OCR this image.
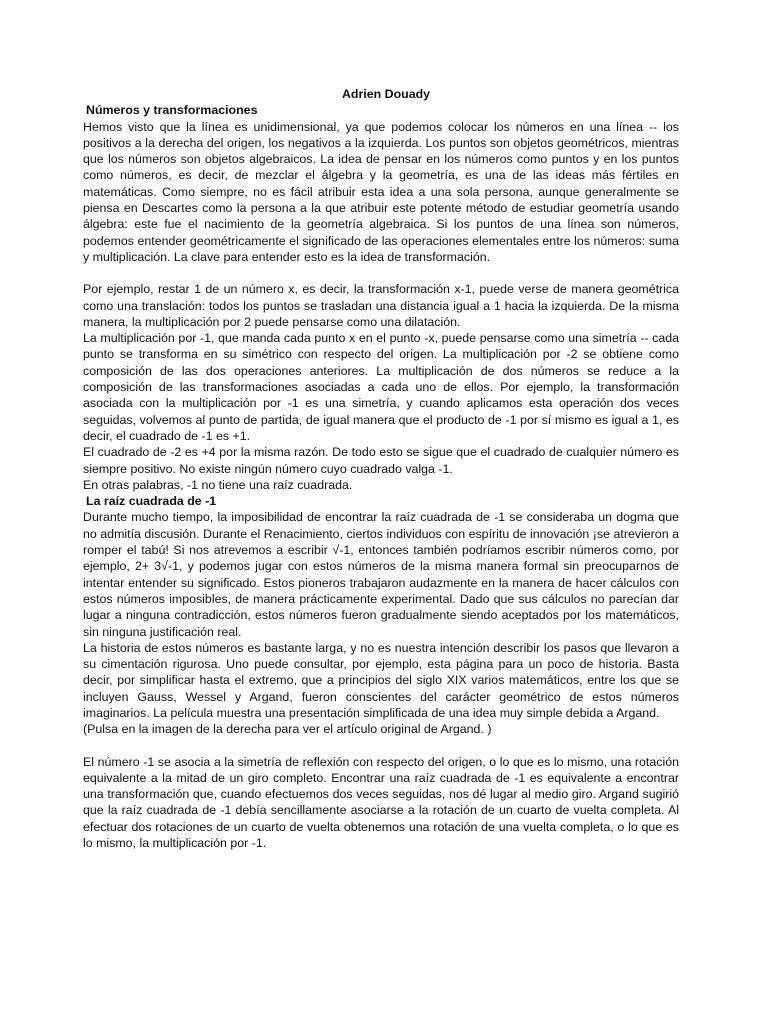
Adrien Douady

Números y transformaciones

Hemos visto que la línea es unidimensional, ya que podemos colocar los números en una línea -- los positivos a la derecha del origen, los negativos a la izquierda. Los puntos son objetos geométricos, mientras que los números son objetos algebraicos. La idea de pensar en los números como puntos y en los puntos como números, es decir, de mezclar el álgebra y la geometría, es una de las ideas más fértiles en matemáticas. Como siempre, no es fácil atribuir esta idea a una sola persona, aunque generalmente se piensa en Descartes como la persona a la que atribuir este potente método de estudiar geometría usando álgebra: este fue el nacimiento de la geometría algebraica. Si los puntos de una línea son números, podemos entender geométricamente el significado de las operaciones elementales entre los números: suma y multiplicación. La clave para entender esto es la idea de transformación.

Por ejemplo, restar 1 de un número x, es decir, la transformación x-1, puede verse de manera geométrica como una translación: todos los puntos se trasladan una distancia igual a 1 hacia la izquierda. De la misma manera, la multiplicación por 2 puede pensarse como una dilatación.

La multiplicación por -1, que manda cada punto x en el punto -x, puede pensarse como una simetría -- cada punto se transforma en su simétrico con respecto del origen. La multiplicación por -2 se obtiene como composición de las dos operaciones anteriores. La multiplicación de dos números se reduce a la composición de las transformaciones asociadas a cada uno de ellos. Por ejemplo, la transformación asociada con la multiplicación por -1 es una simetría, y cuando aplicamos esta operación dos veces seguidas, volvemos al punto de partida, de igual manera que el producto de -1 por sí mismo es igual a 1, es decir, el cuadrado de -1 es +1.

El cuadrado de -2 es +4 por la misma razón. De todo esto se sigue que el cuadrado de cualquier número es siempre positivo. No existe ningún número cuyo cuadrado valga -1.

En otras palabras, -1 no tiene una raíz cuadrada.

La raíz cuadrada de -1

Durante mucho tiempo, la imposibilidad de encontrar la raíz cuadrada de -1 se consideraba un dogma que no admitía discusión. Durante el Renacimiento, ciertos individuos con espíritu de innovación ¡se atrevieron a romper el tabú! Si nos atrevemos a escribir √-1, entonces también podríamos escribir números como, por ejemplo, 2+ 3√-1, y podemos jugar con estos números de la misma manera formal sin preocuparnos de intentar entender su significado. Estos pioneros trabajaron audazmente en la manera de hacer cálculos con estos números imposibles, de manera prácticamente experimental. Dado que sus cálculos no parecían dar lugar a ninguna contradicción, estos números fueron gradualmente siendo aceptados por los matemáticos, sin ninguna justificación real.

La historia de estos números es bastante larga, y no es nuestra intención describir los pasos que llevaron a su cimentación rigurosa. Uno puede consultar, por ejemplo, esta página para un poco de historia. Basta decir, por simplificar hasta el extremo, que a principios del siglo XIX varios matemáticos, entre los que se incluyen Gauss, Wessel y Argand, fueron conscientes del carácter geométrico de estos números imaginarios. La película muestra una presentación simplificada de una idea muy simple debida a Argand.

(Pulsa en la imagen de la derecha para ver el artículo original de Argand. )

El número -1 se asocia a la simetría de reflexión con respecto del origen, o lo que es lo mismo, una rotación equivalente a la mitad de un giro completo. Encontrar una raíz cuadrada de -1 es equivalente a encontrar una transformación que, cuando efectuemos dos veces seguidas, nos dé lugar al medio giro. Argand sugirió que la raíz cuadrada de -1 debía sencillamente asociarse a la rotación de un cuarto de vuelta completa. Al efectuar dos rotaciones de un cuarto de vuelta obtenemos una rotación de una vuelta completa, o lo que es lo mismo, la multiplicación por -1.
